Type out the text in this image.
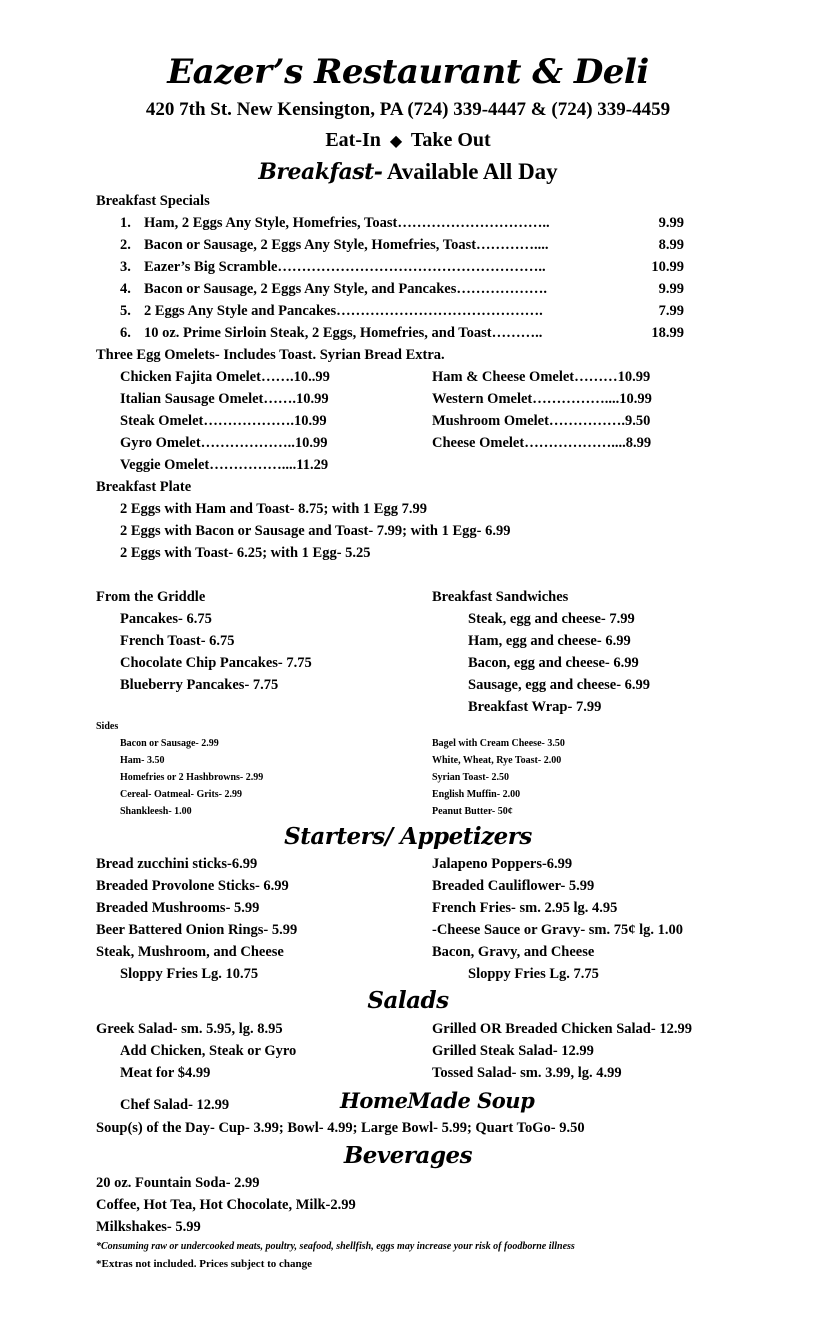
Eazer’s Restaurant & Deli
420 7th St. New Kensington, PA (724) 339-4447 & (724) 339-4459
Eat-In ◆ Take Out
Breakfast- Available All Day
Breakfast Specials
1. Ham, 2 Eggs Any Style, Homefries, Toast…………………………..	9.99
2. Bacon or Sausage, 2 Eggs Any Style, Homefries, Toast…………....	8.99
3. Eazer’s Big Scramble………………………………………………..	10.99
4. Bacon or Sausage, 2 Eggs Any Style, and Pancakes……………….	9.99
5. 2 Eggs Any Style and Pancakes…………………………………….	7.99
6. 10 oz. Prime Sirloin Steak, 2 Eggs, Homefries, and Toast………..	18.99
Three Egg Omelets- Includes Toast. Syrian Bread Extra.
Chicken Fajita Omelet…….10..99
Italian Sausage Omelet…….10.99
Steak Omelet……………….10.99
Gyro Omelet………………..10.99
Veggie Omelet……………....11.29
Ham & Cheese Omelet………10.99
Western Omelet……………....10.99
Mushroom Omelet…………….9.50
Cheese Omelet………………....8.99
Breakfast Plate
2 Eggs with Ham and Toast- 8.75; with 1 Egg 7.99
2 Eggs with Bacon or Sausage and Toast- 7.99; with 1 Egg- 6.99
2 Eggs with Toast- 6.25; with 1 Egg- 5.25
From the Griddle
Pancakes- 6.75
French Toast- 6.75
Chocolate Chip Pancakes- 7.75
Blueberry Pancakes- 7.75
Breakfast Sandwiches
Steak, egg and cheese- 7.99
Ham, egg and cheese- 6.99
Bacon, egg and cheese- 6.99
Sausage, egg and cheese- 6.99
Breakfast Wrap- 7.99
Sides
Bacon or Sausage- 2.99
Ham- 3.50
Homefries or 2 Hashbrowns- 2.99
Cereal- Oatmeal- Grits- 2.99
Shankleesh- 1.00
Bagel with Cream Cheese- 3.50
White, Wheat, Rye Toast- 2.00
Syrian Toast- 2.50
English Muffin- 2.00
Peanut Butter- 50¢
Starters/ Appetizers
Bread zucchini sticks-6.99
Breaded Provolone Sticks- 6.99
Breaded Mushrooms- 5.99
Beer Battered Onion Rings- 5.99
Steak, Mushroom, and Cheese
Sloppy Fries Lg. 10.75
Jalapeno Poppers-6.99
Breaded Cauliflower- 5.99
French Fries- sm. 2.95 lg. 4.95
-Cheese Sauce or Gravy- sm. 75¢ lg. 1.00
Bacon, Gravy, and Cheese
Sloppy Fries Lg. 7.75
Salads
Greek Salad- sm. 5.95, lg. 8.95
Add Chicken, Steak or Gyro
Meat for $4.99
Chef Salad- 12.99
Grilled OR Breaded Chicken Salad- 12.99
Grilled Steak Salad- 12.99
Tossed Salad- sm. 3.99, lg. 4.99
HomeMade Soup
Soup(s) of the Day- Cup- 3.99; Bowl- 4.99; Large Bowl- 5.99; Quart ToGo- 9.50
Beverages
20 oz. Fountain Soda- 2.99
Coffee, Hot Tea, Hot Chocolate, Milk-2.99
Milkshakes- 5.99
*Consuming raw or undercooked meats, poultry, seafood, shellfish, eggs may increase your risk of foodborne illness
*Extras not included. Prices subject to change
